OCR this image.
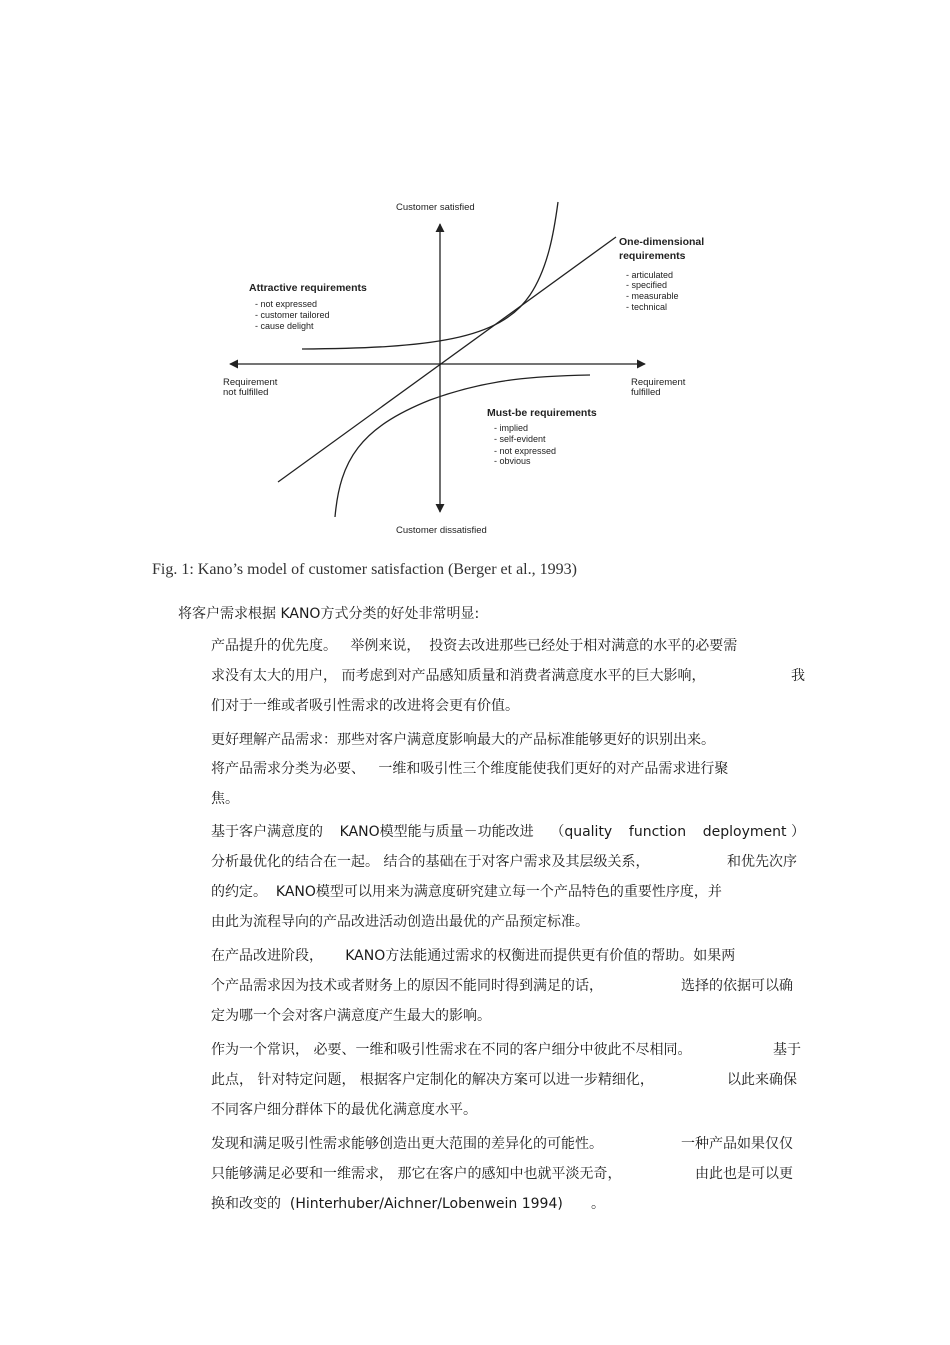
Customer satisfied
Customer dissatisfied
Requirement
not fulfilled
Requirement
fulfilled
One-dimensional
requirements
- articulated
- specified
- measurable
- technical
Attractive requirements
- not expressed
- customer tailored
- cause delight
Must-be requirements
- implied
- self-evident
- not expressed
- obvious
Fig. 1: Kano’s model of customer satisfaction (Berger et al., 1993)
将客户需求根据 KANO方式分类的好处非常明显:
产品提升的优先度。   举例来说，  投资去改进那些已经处于相对满意的水平的必要需
求没有太大的用户， 而考虑到对产品感知质量和消费者满意度水平的巨大影响，	我
们对于一维或者吸引性需求的改进将会更有价值。
更好理解产品需求：那些对客户满意度影响最大的产品标准能够更好的识别出来。
将产品需求分类为必要、   一维和吸引性三个维度能使我们更好的对产品需求进行聚
焦。
基于客户满意度的 KANO模型能与质量－功能改进 （quality function deployment ）
分析最优化的结合在一起。 结合的基础在于对客户需求及其层级关系，	和优先次序
的约定。  KANO模型可以用来为满意度研究建立每一个产品特色的重要性序度，并
由此为流程导向的产品改进活动创造出最优的产品预定标准。
在产品改进阶段，     KANO方法能通过需求的权衡进而提供更有价值的帮助。如果两
个产品需求因为技术或者财务上的原因不能同时得到满足的话，	选择的依据可以确
定为哪一个会对客户满意度产生最大的影响。
作为一个常识， 必要、一维和吸引性需求在不同的客户细分中彼此不尽相同。	基于
此点， 针对特定问题， 根据客户定制化的解决方案可以进一步精细化，	以此来确保
不同客户细分群体下的最优化满意度水平。
发现和满足吸引性需求能够创造出更大范围的差异化的可能性。	一种产品如果仅仅
只能够满足必要和一维需求， 那它在客户的感知中也就平淡无奇，	由此也是可以更
换和改变的  (Hinterhuber/Aichner/Lobenwein 1994) 。
